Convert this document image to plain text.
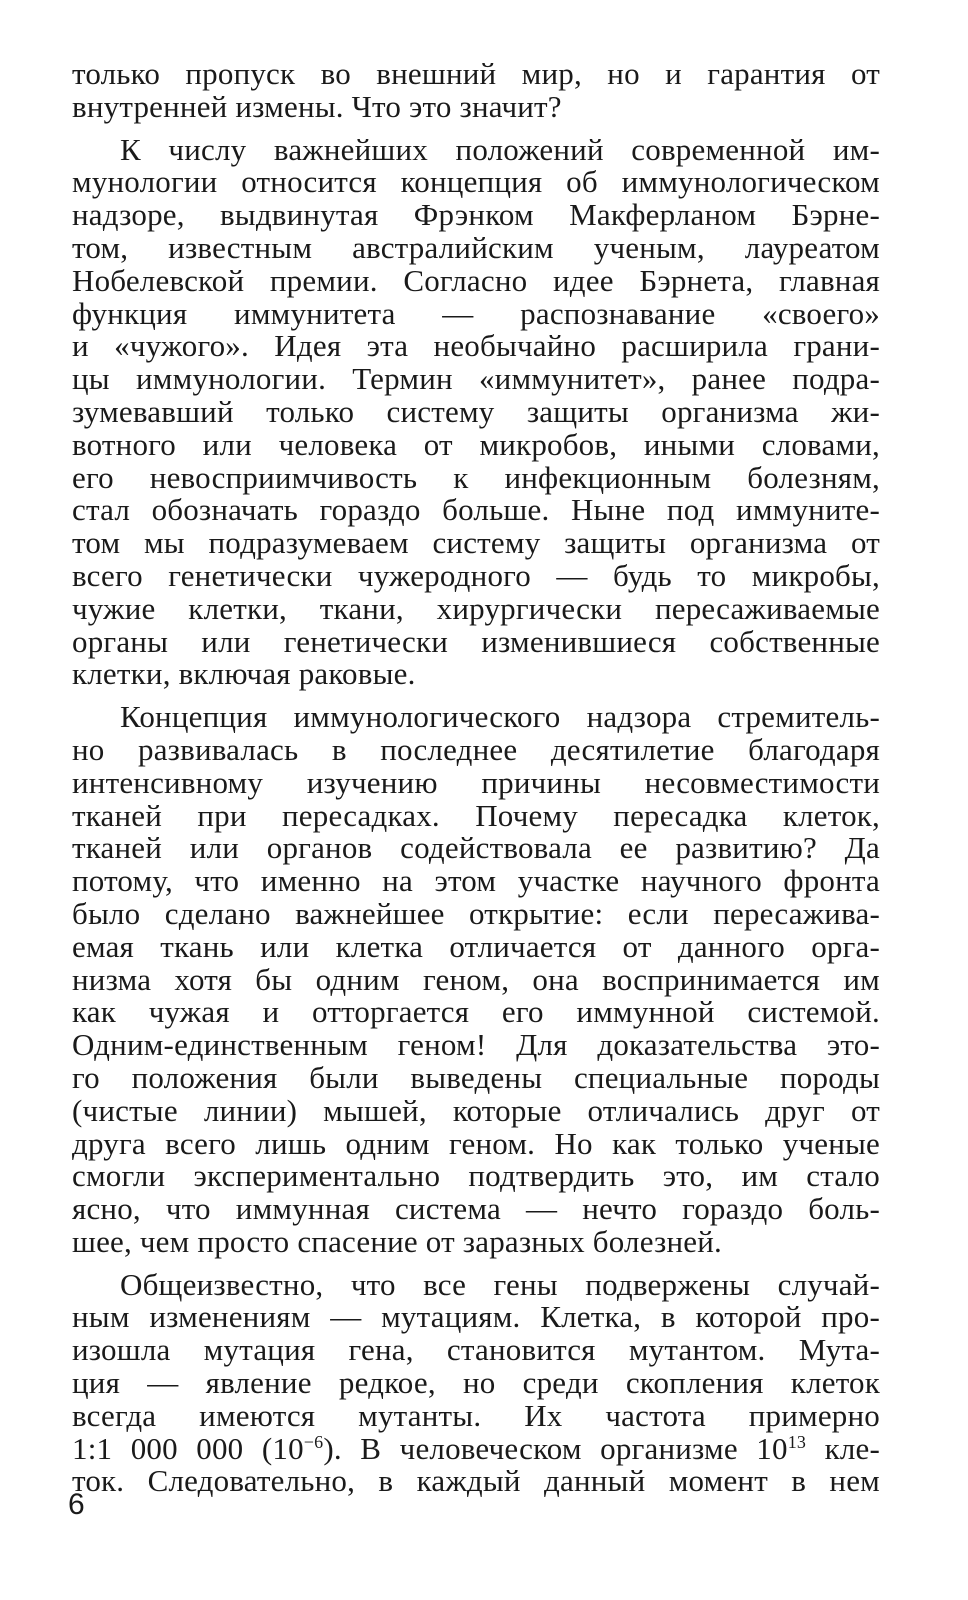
только пропуск во внешний мир, но и гарантия от
внутренней измены. Что это значит?
К числу важнейших положений современной им-
мунологии относится концепция об иммунологическом
надзоре, выдвинутая Фрэнком Макферланом Бэрне-
том, известным австралийским ученым, лауреатом
Нобелевской премии. Согласно идее Бэрнета, главная
функция иммунитета — распознавание «своего»
и «чужого». Идея эта необычайно расширила грани-
цы иммунологии. Термин «иммунитет», ранее подра-
зумевавший только систему защиты организма жи-
вотного или человека от микробов, иными словами,
его невосприимчивость к инфекционным болезням,
стал обозначать гораздо больше. Ныне под иммуните-
том мы подразумеваем систему защиты организма от
всего генетически чужеродного — будь то микробы,
чужие клетки, ткани, хирургически пересаживаемые
органы или генетически изменившиеся собственные
клетки, включая раковые.
Концепция иммунологического надзора стремитель-
но развивалась в последнее десятилетие благодаря
интенсивному изучению причины несовместимости
тканей при пересадках. Почему пересадка клеток,
тканей или органов содействовала ее развитию? Да
потому, что именно на этом участке научного фронта
было сделано важнейшее открытие: если пересажива-
емая ткань или клетка отличается от данного орга-
низма хотя бы одним геном, она воспринимается им
как чужая и отторгается его иммунной системой.
Одним-единственным геном! Для доказательства это-
го положения были выведены специальные породы
(чистые линии) мышей, которые отличались друг от
друга всего лишь одним геном. Но как только ученые
смогли экспериментально подтвердить это, им стало
ясно, что иммунная система — нечто гораздо боль-
шее, чем просто спасение от заразных болезней.
Общеизвестно, что все гены подвержены случай-
ным изменениям — мутациям. Клетка, в которой про-
изошла мутация гена, становится мутантом. Мута-
ция — явление редкое, но среди скопления клеток
всегда имеются мутанты. Их частота примерно
1:1 000 000 $(10^{-6})$. В человеческом организме $10^{13}$ кле-
ток. Следовательно, в каждый данный момент в нем
6
